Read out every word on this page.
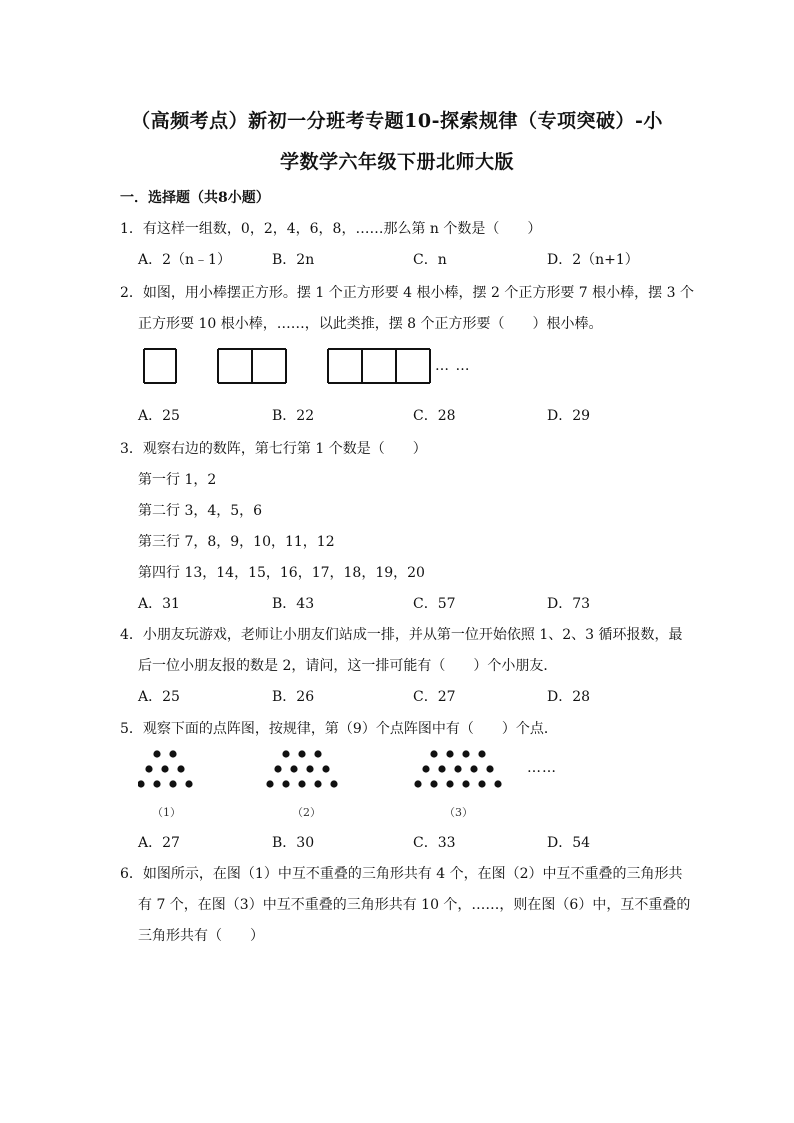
（高频考点）新初一分班考专题10-探索规律（专项突破）-小
学数学六年级下册北师大版
一．选择题（共8小题）
1．有这样一组数，0，2，4，6，8，……那么第 n 个数是（　　）
A．2（n﹣1）	B．2n	C．n	D．2（n+1）
2．如图，用小棒摆正方形。摆 1 个正方形要 4 根小棒，摆 2 个正方形要 7 根小棒，摆 3 个
正方形要 10 根小棒，……，以此类推，摆 8 个正方形要（　　）根小棒。
… …
A．25	B．22	C．28	D．29
3．观察右边的数阵，第七行第 1 个数是（　　）
第一行 1，2
第二行 3，4，5，6
第三行 7，8，9，10，11，12
第四行 13，14，15，16，17，18，19，20
A．31	B．43	C．57	D．73
4．小朋友玩游戏，老师让小朋友们站成一排，并从第一位开始依照 1、2、3 循环报数，最
后一位小朋友报的数是 2，请问，这一排可能有（　　）个小朋友．
A．25	B．26	C．27	D．28
5．观察下面的点阵图，按规律，第（9）个点阵图中有（　　）个点．
……
（1）	（2）	（3）
A．27	B．30	C．33	D．54
6．如图所示，在图（1）中互不重叠的三角形共有 4 个，在图（2）中互不重叠的三角形共
有 7 个，在图（3）中互不重叠的三角形共有 10 个，……，则在图（6）中，互不重叠的
三角形共有（　　）
